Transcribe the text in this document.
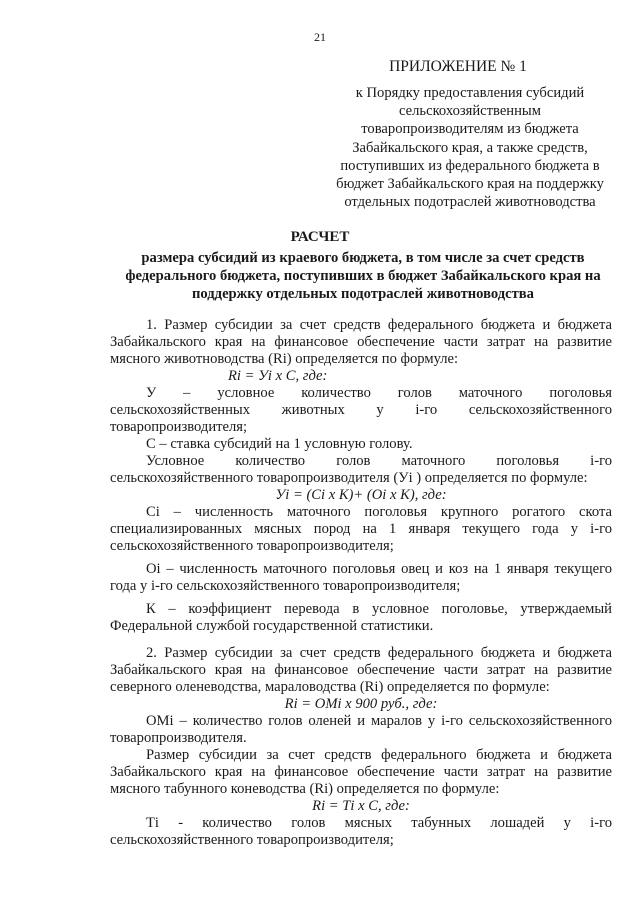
21
ПРИЛОЖЕНИЕ № 1
к Порядку предоставления субсидий
сельскохозяйственным
товаропроизводителям из бюджета
Забайкальского края, а также средств,
поступивших из федерального бюджета в
бюджет Забайкальского края на поддержку
отдельных подотраслей животноводства
РАСЧЕТ
размера субсидий из краевого бюджета, в том числе за счет средств федерального бюджета, поступивших в бюджет Забайкальского края на поддержку отдельных подотраслей животноводства

1. Размер субсидии за счет средств федерального бюджета и бюджета Забайкальского края на финансовое обеспечение части затрат на развитие мясного животноводства (Ri) определяется по формуле:

Ri = Уi x С, где:

У – условное количество голов маточного поголовья

сельскохозяйственных животных у i-го сельскохозяйственного товаропроизводителя;

С – ставка субсидий на 1 условную голову.

Условное количество голов маточного поголовья i-го сельскохозяйственного товаропроизводителя (Уi ) определяется по формуле:

Уi = (Сi x К)+ (Оi x К), где:

Сi – численность маточного поголовья крупного рогатого скота специализированных мясных пород на 1 января текущего года у i-го сельскохозяйственного товаропроизводителя;

Оi – численность маточного поголовья овец и коз на 1 января текущего года у i-го сельскохозяйственного товаропроизводителя;

К – коэффициент перевода в условное поголовье, утверждаемый Федеральной службой государственной статистики.

2. Размер субсидии за счет средств федерального бюджета и бюджета Забайкальского края на финансовое обеспечение части затрат на развитие северного оленеводства, мараловодства (Ri) определяется по формуле:

Ri = ОМi x 900 руб., где:

ОМi – количество голов оленей и маралов у i-го сельскохозяйственного товаропроизводителя.

Размер субсидии за счет средств федерального бюджета и бюджета Забайкальского края на финансовое обеспечение части затрат на развитие мясного табунного коневодства (Ri) определяется по формуле:

Ri = Тi x С, где:

Тi - количество голов мясных табунных лошадей у i-го

сельскохозяйственного товаропроизводителя;
